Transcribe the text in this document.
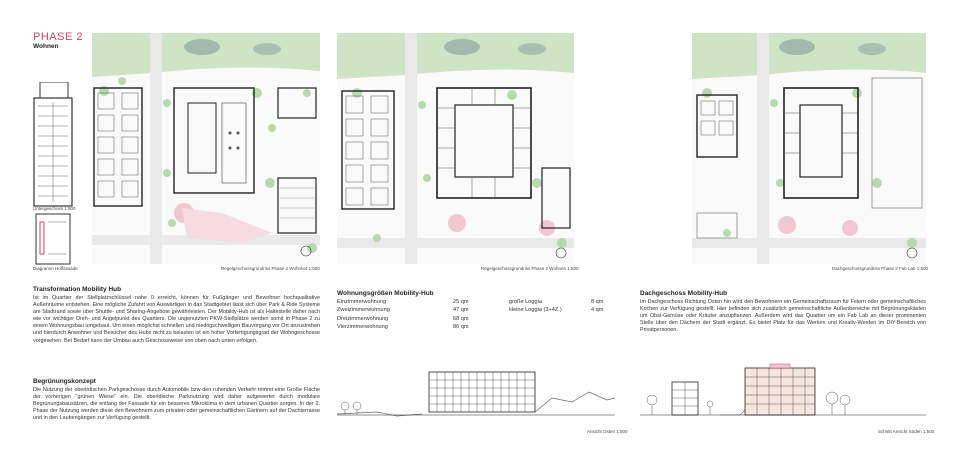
PHASE 2
Wohnen
Untergeschoss 1:500
Diagramm Hoffassade	Regelgeschossgrundriss Phase 2 Wohnhof 1:500	Regelgeschossgrundriss Phase 2 Wohnen 1:500	Dachgeschossgrundriss Phase 2 Fab Lab 1:500
Transformation Mobility Hub
Ist im Quartier der Stellplatzschlüssel nahe 0 erreicht, können für Fußgänger und Bewohner hochqualitative Außenräume entstehen. Eine mögliche Zufahrt von Auswärtigen in das Stadtgebiet lässt sich über Park & Ride Systeme am Stadtrand sowie über Shuttle- und Sharing-Angebote gewährleisten. Der Mobility-Hub ist als Haltestelle daher nach wie vor wichtiger Dreh- und Angelpunkt des Quartiers. Die ungenutzten PKW-Stellplätze werden somit in Phase 2 zu einem Wohnungsbau umgebaut. Um einen möglichst schnellen und niedrigschwelligen Bauvorgang vor Ort anzustreben und hierdurch Anwohner und Besucher des Hubs nicht zu belasten ist ein hoher Vorfertigungsgrad der Wohngeschosse vorgesehen. Bei Bedarf kann der Umbau auch Geschossweise von oben nach unten erfolgen.
Begrünungskonzept
Die Nutzung der oberirdischen Parkgeschosse durch Automobile bzw den ruhenden Verkehr trimmt eine Große Fläche der vorherigen "grünen Wiese" ein. Die oberidische Parknutzung wird daher aufgewertet durch modulare Begrünungsbausätzen, die entlang der Fassade für ein besseres Mikroklima in dem urbanen Quartier sorgen. In der 2. Phase der Nutzung werden diese den Bewohnern zum privaten oder gemeinschaftlichen Gärtnern auf der Dachterrasse und in den Laubengängen zur Verfügung gestellt.
Wohnungsgrößen Mobility-Hub
Einzimmerwohnung	25 qm	große Loggia	8 qm
Zweizimmerwohnung	47 qm	kleine Loggia (3+4Z.)	4 qm
Dreizimmerwohnung	68 qm		
Vierzimmerwohnung	86 qm		
Ansicht Osten 1:500
Dachgeschoss Mobility-Hub
Im Dachgeschoss Richtung Osten hin wird den Bewohnern ein Gemeinschaftsraum für Feiern oder gemeinschaftliches Kochen zur Verfügung gestellt. Hier befinden sich zusätzlich gemeinschaftliche Außenbereiche mit Begrünungskästen um Obst-Gemüse oder Kräuter anzupflanzen. Außerdem wird das Quartier um ein Fab Lab an dieser prominenten Stelle über den Dächern der Stadt ergänzt. Es bietet Platz für das Werken und Kreativ-Werden im DIY-Bereich von Privatpersonen.
Schnitt Ansicht Süden 1:500
